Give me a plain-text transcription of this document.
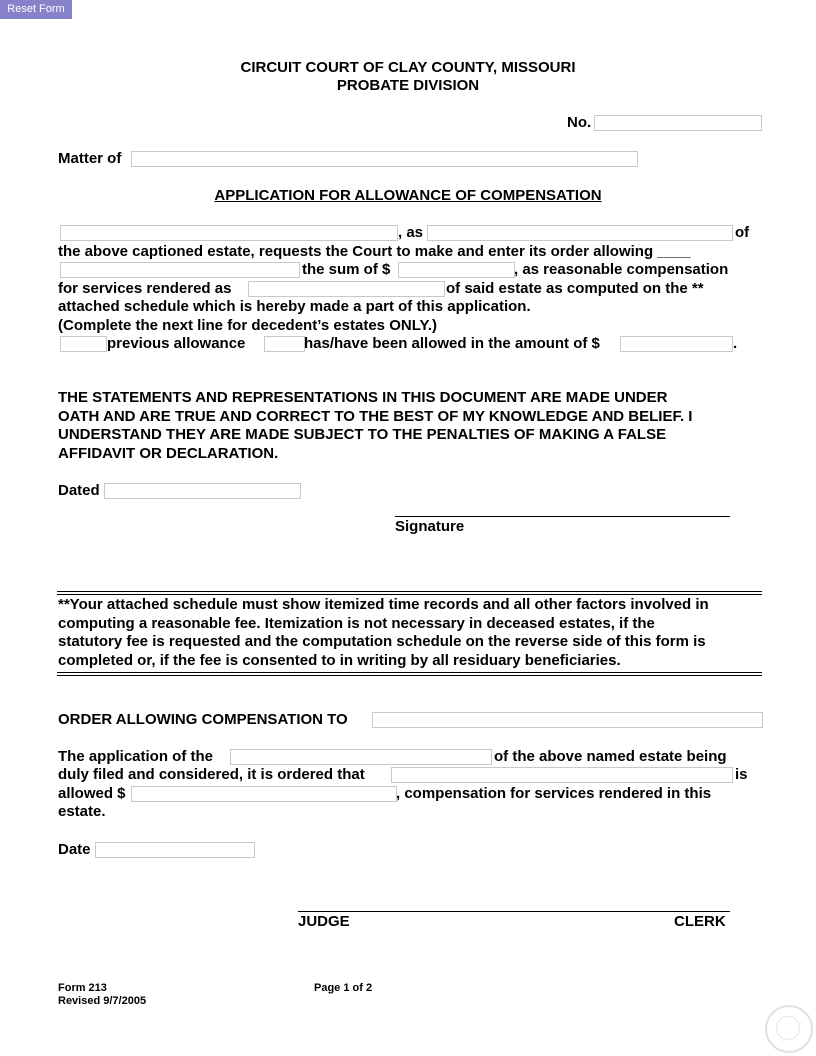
Reset Form
CIRCUIT COURT OF CLAY COUNTY, MISSOURI
PROBATE DIVISION
No.
Matter of
APPLICATION FOR ALLOWANCE OF COMPENSATION
, as	of
the above captioned estate, requests the Court to make and enter its order allowing ____
the sum of $	, as reasonable compensation
for services rendered as	of said estate as computed on the **
attached schedule which is hereby made a part of this application.
(Complete the next line for decedent’s estates ONLY.)
previous allowance	has/have been allowed in the amount of $	.
THE STATEMENTS AND REPRESENTATIONS IN THIS DOCUMENT ARE MADE UNDER
OATH AND ARE TRUE AND CORRECT TO THE BEST OF MY KNOWLEDGE AND BELIEF. I
UNDERSTAND THEY ARE MADE SUBJECT TO THE PENALTIES OF MAKING A FALSE
AFFIDAVIT OR DECLARATION.
Dated
Signature
**Your attached schedule must show itemized time records and all other factors involved in
computing a reasonable fee. Itemization is not necessary in deceased estates, if the
statutory fee is requested and the computation schedule on the reverse side of this form is
completed or, if the fee is consented to in writing by all residuary beneficiaries.
ORDER ALLOWING COMPENSATION TO
The application of the	of the above named estate being
duly filed and considered, it is ordered that	is
allowed $	, compensation for services rendered in this
estate.
Date
JUDGE	CLERK
Form 213
Revised 9/7/2005
Page 1 of 2
